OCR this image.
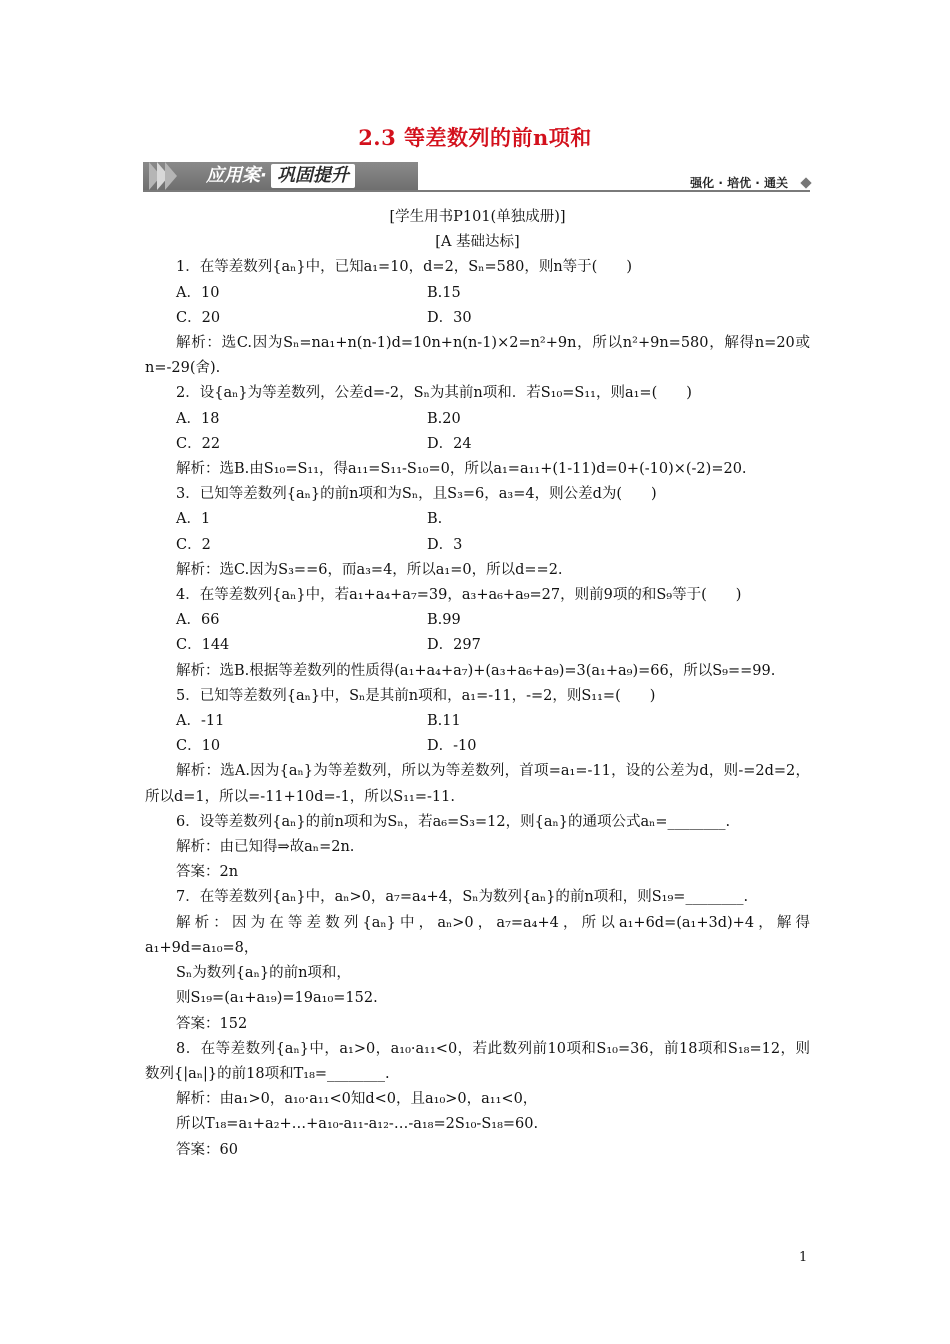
2.3 等差数列的前n项和
应用案· 巩固提升	强化 · 培优 · 通关

[学生用书P101(单独成册)]

[A 基础达标]

1．在等差数列{aₙ}中，已知a₁=10，d=2，Sₙ=580，则n等于(　　)

A．10	B.15
C．20	D．30

解析：选C.因为Sₙ=na₁+n(n-1)d=10n+n(n-1)×2=n²+9n，所以n²+9n=580，解得n=20或n=-29(舍).

2．设{aₙ}为等差数列，公差d=-2，Sₙ为其前n项和．若S₁₀=S₁₁，则a₁=(　　)

A．18	B.20
C．22	D．24

解析：选B.由S₁₀=S₁₁，得a₁₁=S₁₁-S₁₀=0，所以a₁=a₁₁+(1-11)d=0+(-10)×(-2)=20.

3．已知等差数列{aₙ}的前n项和为Sₙ，且S₃=6，a₃=4，则公差d为(　　)

A．1	B.
C．2	D．3

解析：选C.因为S₃==6，而a₃=4，所以a₁=0，所以d==2.

4．在等差数列{aₙ}中，若a₁+a₄+a₇=39，a₃+a₆+a₉=27，则前9项的和S₉等于(　　)

A．66	B.99
C．144	D．297

解析：选B.根据等差数列的性质得(a₁+a₄+a₇)+(a₃+a₆+a₉)=3(a₁+a₉)=66，所以S₉==99.

5．已知等差数列{aₙ}中，Sₙ是其前n项和，a₁=-11，-=2，则S₁₁=(　　)

A．-11	B.11
C．10	D．-10

解析：选A.因为{aₙ}为等差数列，所以为等差数列，首项=a₁=-11，设的公差为d，则-=2d=2，所以d=1，所以=-11+10d=-1，所以S₁₁=-11.

6．设等差数列{aₙ}的前n项和为Sₙ，若a₆=S₃=12，则{aₙ}的通项公式aₙ=________.

解析：由已知得⇒故aₙ=2n.

答案：2n

7．在等差数列{aₙ}中，aₙ>0，a₇=a₄+4，Sₙ为数列{aₙ}的前n项和，则S₁₉=________.

解析：因为在等差数列{aₙ}中，aₙ>0，a₇=a₄+4，所以a₁+6d=(a₁+3d)+4，解得a₁+9d=a₁₀=8，

Sₙ为数列{aₙ}的前n项和，

则S₁₉=(a₁+a₁₉)=19a₁₀=152.

答案：152

8．在等差数列{aₙ}中，a₁>0，a₁₀·a₁₁<0，若此数列前10项和S₁₀=36，前18项和S₁₈=12，则数列{|aₙ|}的前18项和T₁₈=________.

解析：由a₁>0，a₁₀·a₁₁<0知d<0，且a₁₀>0，a₁₁<0，

所以T₁₈=a₁+a₂+…+a₁₀-a₁₁-a₁₂-…-a₁₈=2S₁₀-S₁₈=60.

答案：60

1
